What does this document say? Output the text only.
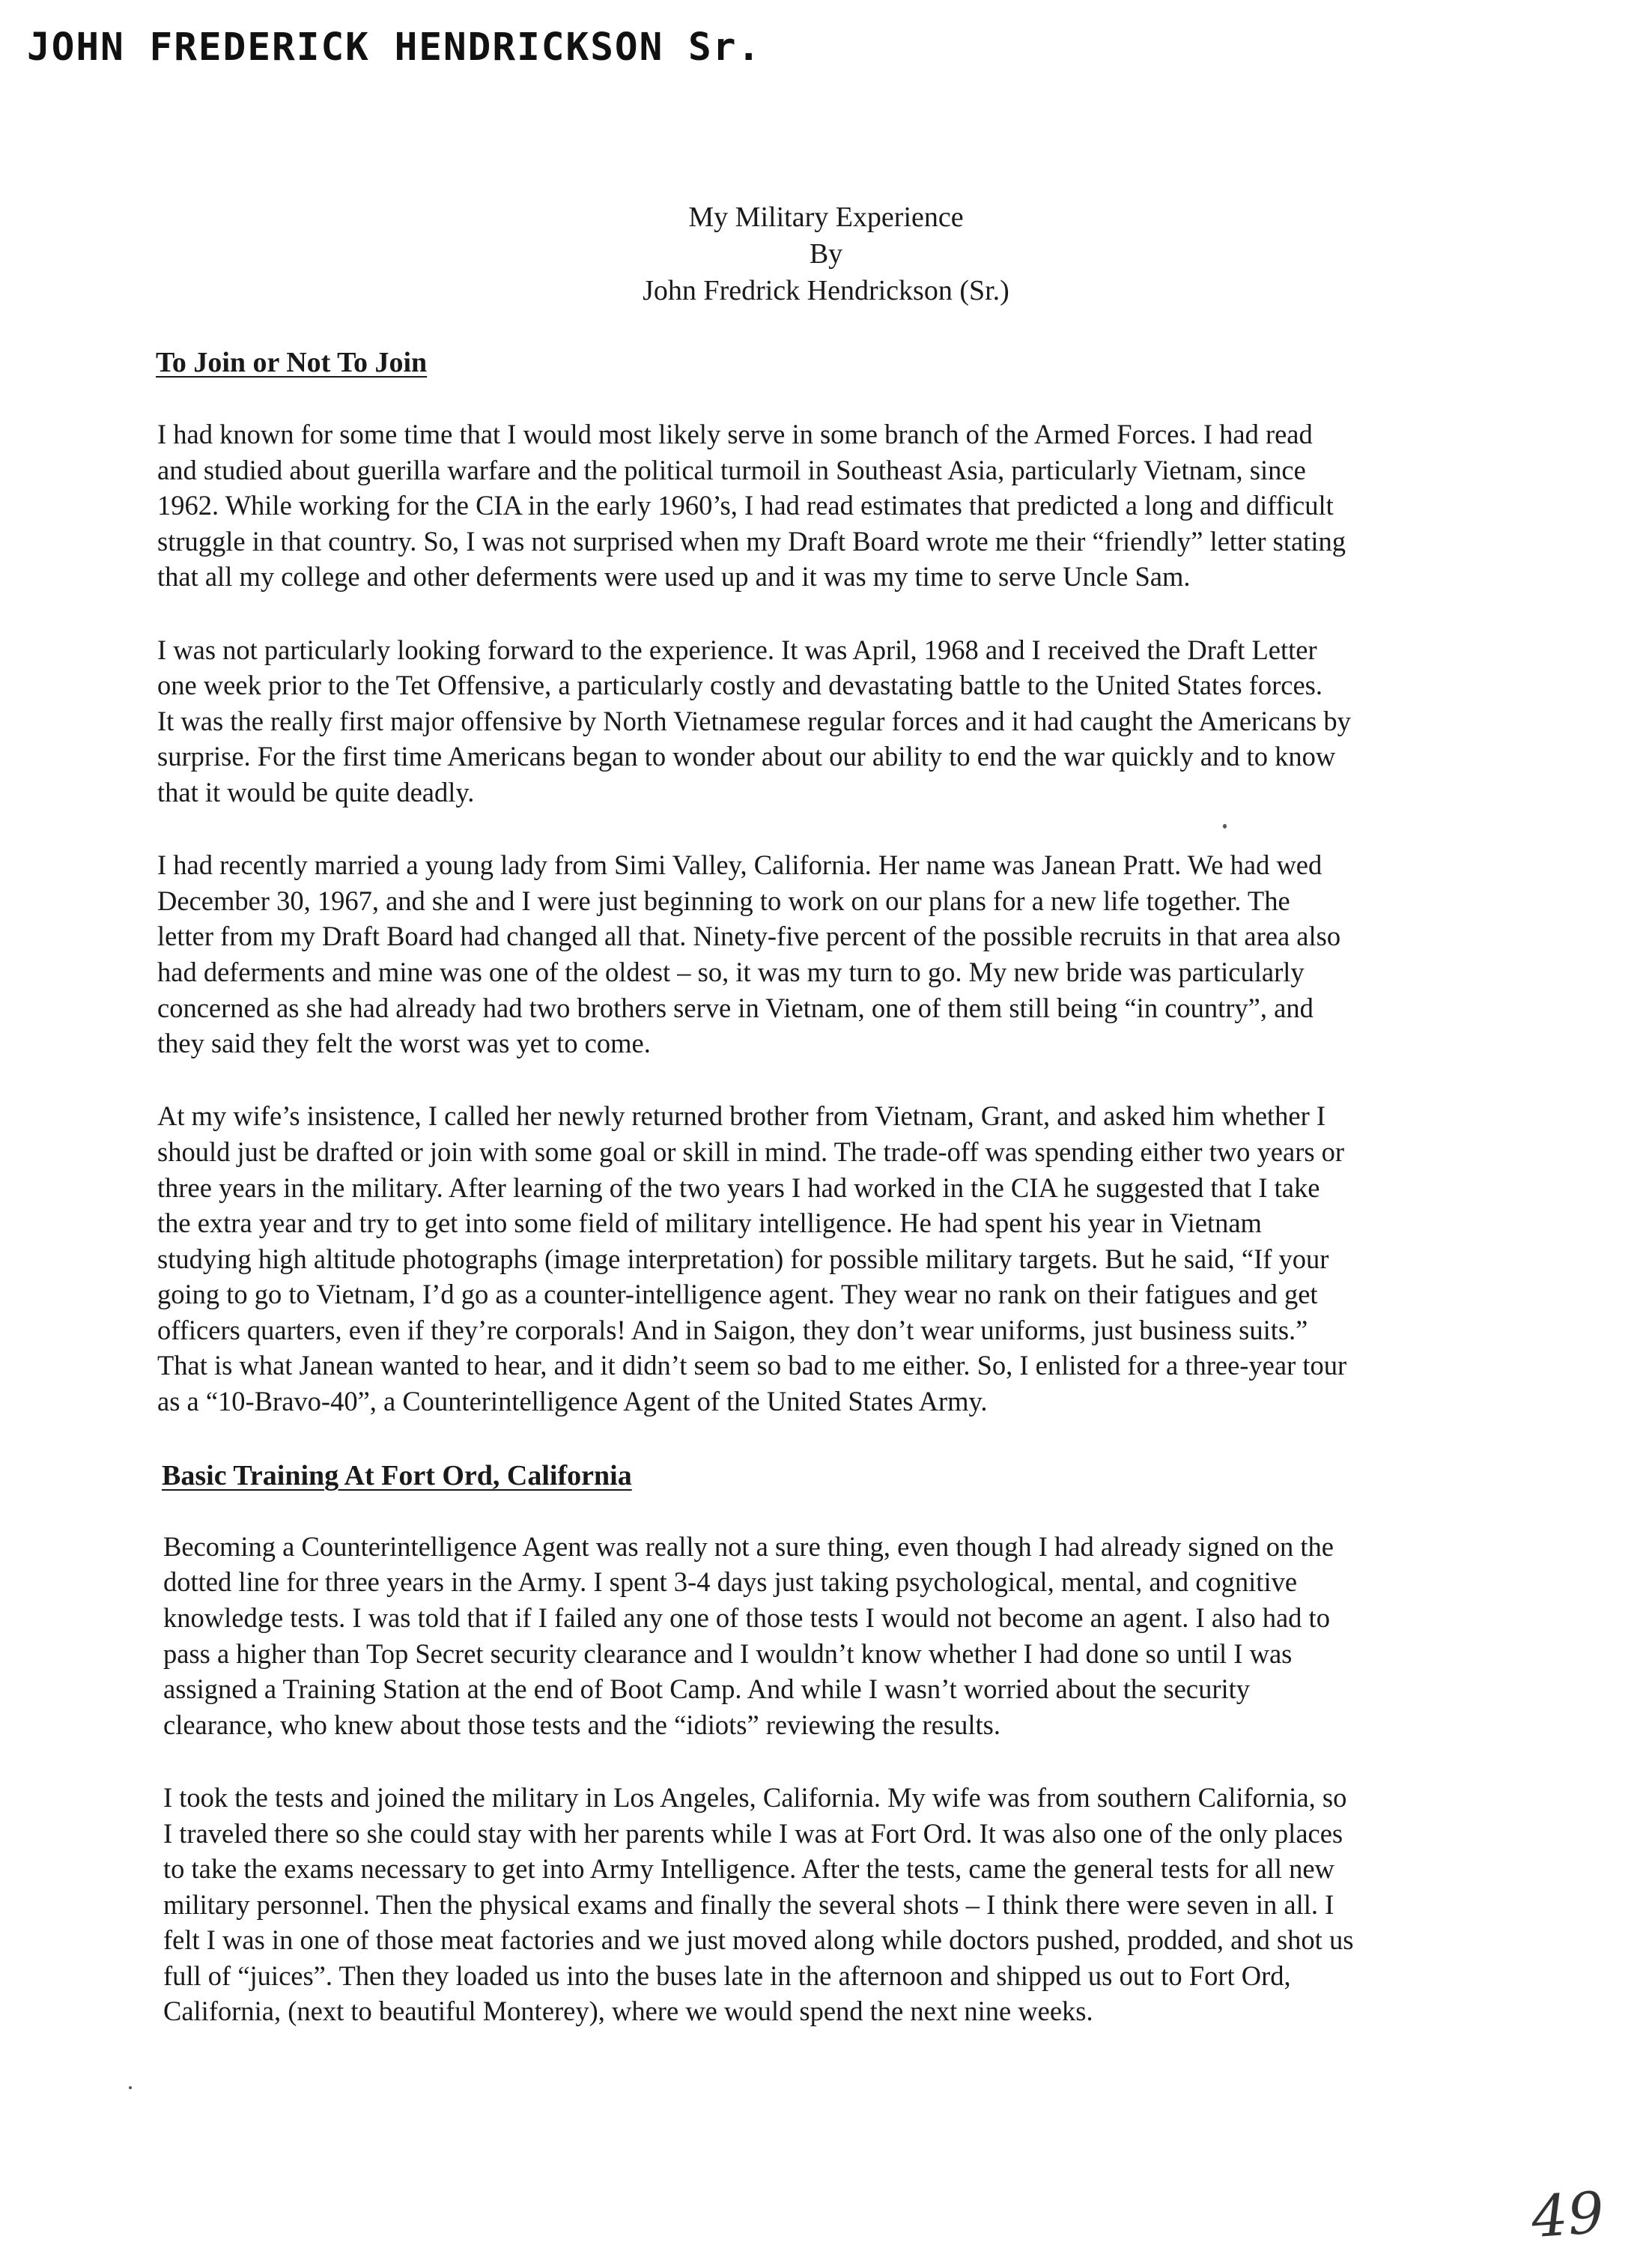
JOHN FREDERICK HENDRICKSON Sr.
My Military Experience
By
John Fredrick Hendrickson (Sr.)
To Join or Not To Join
I had known for some time that I would most likely serve in some branch of the Armed Forces. I had read
and studied about guerilla warfare and the political turmoil in Southeast Asia, particularly Vietnam, since
1962. While working for the CIA in the early 1960’s, I had read estimates that predicted a long and difficult
struggle in that country. So, I was not surprised when my Draft Board wrote me their “friendly” letter stating
that all my college and other deferments were used up and it was my time to serve Uncle Sam.
I was not particularly looking forward to the experience. It was April, 1968 and I received the Draft Letter
one week prior to the Tet Offensive, a particularly costly and devastating battle to the United States forces.
It was the really first major offensive by North Vietnamese regular forces and it had caught the Americans by
surprise. For the first time Americans began to wonder about our ability to end the war quickly and to know
that it would be quite deadly.
I had recently married a young lady from Simi Valley, California. Her name was Janean Pratt. We had wed
December 30, 1967, and she and I were just beginning to work on our plans for a new life together. The
letter from my Draft Board had changed all that. Ninety-five percent of the possible recruits in that area also
had deferments and mine was one of the oldest – so, it was my turn to go. My new bride was particularly
concerned as she had already had two brothers serve in Vietnam, one of them still being “in country”, and
they said they felt the worst was yet to come.
At my wife’s insistence, I called her newly returned brother from Vietnam, Grant, and asked him whether I
should just be drafted or join with some goal or skill in mind. The trade-off was spending either two years or
three years in the military. After learning of the two years I had worked in the CIA he suggested that I take
the extra year and try to get into some field of military intelligence. He had spent his year in Vietnam
studying high altitude photographs (image interpretation) for possible military targets. But he said, “If your
going to go to Vietnam, I’d go as a counter-intelligence agent. They wear no rank on their fatigues and get
officers quarters, even if they’re corporals! And in Saigon, they don’t wear uniforms, just business suits.”
That is what Janean wanted to hear, and it didn’t seem so bad to me either. So, I enlisted for a three-year tour
as a “10-Bravo-40”, a Counterintelligence Agent of the United States Army.
Basic Training At Fort Ord, California
Becoming a Counterintelligence Agent was really not a sure thing, even though I had already signed on the
dotted line for three years in the Army. I spent 3-4 days just taking psychological, mental, and cognitive
knowledge tests. I was told that if I failed any one of those tests I would not become an agent. I also had to
pass a higher than Top Secret security clearance and I wouldn’t know whether I had done so until I was
assigned a Training Station at the end of Boot Camp. And while I wasn’t worried about the security
clearance, who knew about those tests and the “idiots” reviewing the results.
I took the tests and joined the military in Los Angeles, California. My wife was from southern California, so
I traveled there so she could stay with her parents while I was at Fort Ord. It was also one of the only places
to take the exams necessary to get into Army Intelligence. After the tests, came the general tests for all new
military personnel. Then the physical exams and finally the several shots – I think there were seven in all. I
felt I was in one of those meat factories and we just moved along while doctors pushed, prodded, and shot us
full of “juices”. Then they loaded us into the buses late in the afternoon and shipped us out to Fort Ord,
California, (next to beautiful Monterey), where we would spend the next nine weeks.
49
